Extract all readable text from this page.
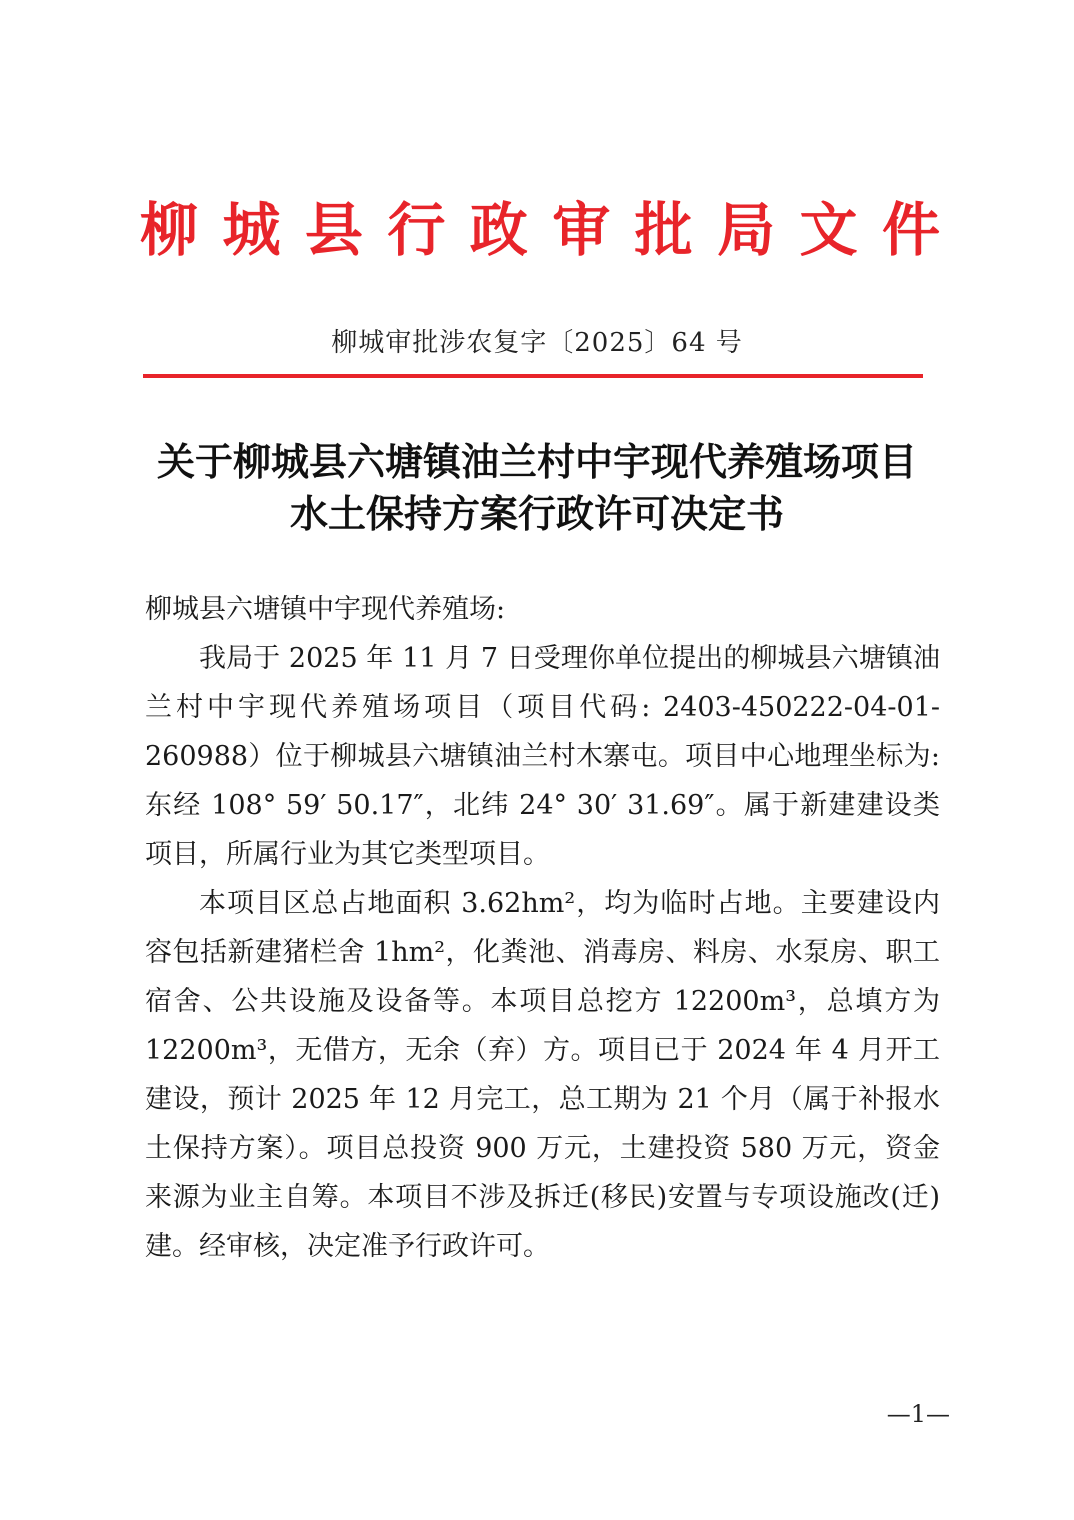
柳 城 县 行 政 审 批 局 文 件
柳城审批涉农复字〔2025〕64 号
关于柳城县六塘镇油兰村中宇现代养殖场项目
水土保持方案行政许可决定书

柳城县六塘镇中宇现代养殖场:

我局于 2025 年 11 月 7 日受理你单位提出的柳城县六塘镇油兰村中宇现代养殖场项目（项目代码: 2403-450222-04-01-260988）位于柳城县六塘镇油兰村木寨屯。项目中心地理坐标为: 东经 108° 59′ 50.17″，北纬 24° 30′ 31.69″。属于新建建设类项目，所属行业为其它类型项目。

本项目区总占地面积 3.62hm²，均为临时占地。主要建设内容包括新建猪栏舍 1hm²，化粪池、消毒房、料房、水泵房、职工宿舍、公共设施及设备等。本项目总挖方 12200m³，总填方为 12200m³，无借方，无余（弃）方。项目已于 2024 年 4 月开工建设，预计 2025 年 12 月完工，总工期为 21 个月（属于补报水土保持方案）。项目总投资 900 万元，土建投资 580 万元，资金来源为业主自筹。本项目不涉及拆迁(移民)安置与专项设施改(迁)建。经审核，决定准予行政许可。

—1—
